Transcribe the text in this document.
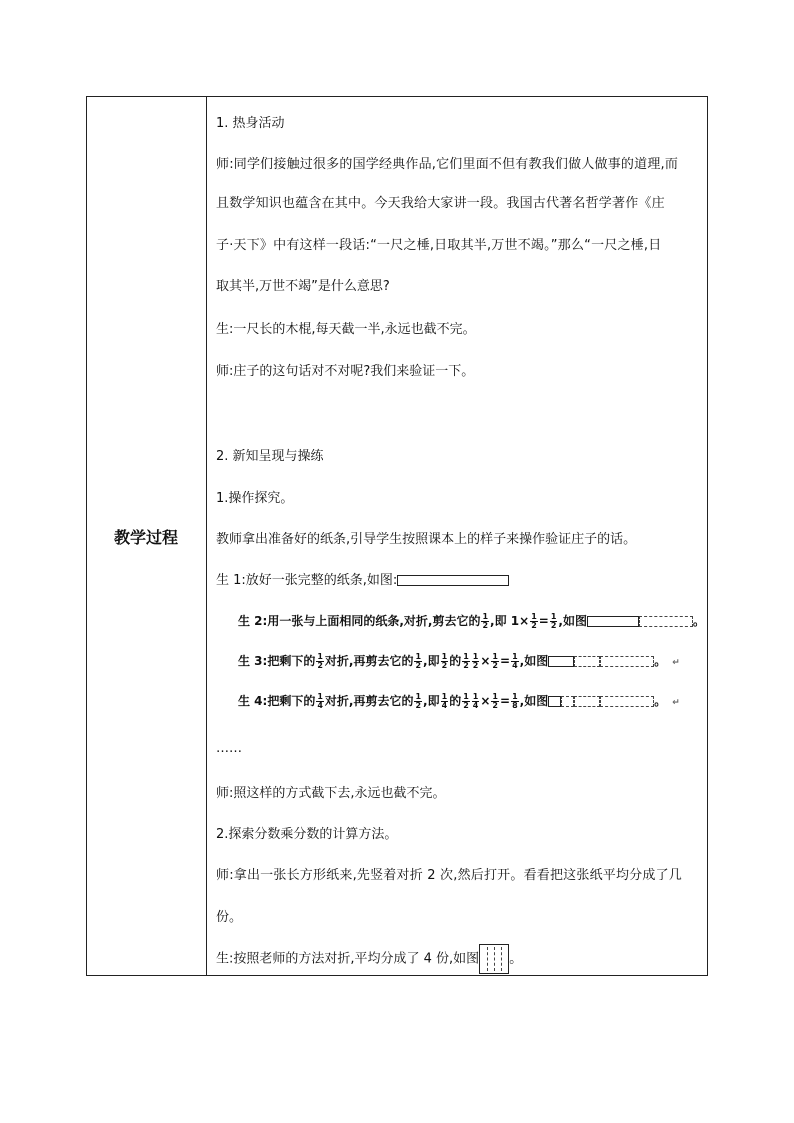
教学过程
1. 热身活动
师:同学们接触过很多的国学经典作品,它们里面不但有教我们做人做事的道理,而
且数学知识也蕴含在其中。今天我给大家讲一段。我国古代著名哲学著作《庄
子·天下》中有这样一段话:“一尺之棰,日取其半,万世不竭。”那么“一尺之棰,日
取其半,万世不竭”是什么意思?
生:一尺长的木棍,每天截一半,永远也截不完。
师:庄子的这句话对不对呢?我们来验证一下。
2. 新知呈现与操练
1.操作探究。
教师拿出准备好的纸条,引导学生按照课本上的样子来操作验证庄子的话。
生 1:放好一张完整的纸条,如图:
生 2:用一张与上面相同的纸条,对折,剪去它的 $\frac{1}{2}$ ,即 $1\times \frac{1}{2} = \frac{1}{2}$ ,如图	。
生 3:把剩下的 $\frac{1}{2}$ 对折,再剪去它的 $\frac{1}{2}$ ,即 $\frac{1}{2}$ 的 $\frac{1}{2} \frac{1}{2} \times \frac{1}{2} = \frac{1}{4}$ ,如图	。 ↵
生 4:把剩下的 $\frac{1}{4}$ 对折,再剪去它的 $\frac{1}{2}$ ,即 $\frac{1}{4}$ 的 $\frac{1}{2} \frac{1}{4} \times \frac{1}{2} = \frac{1}{8}$ ,如图	。 ↵
……
师:照这样的方式截下去,永远也截不完。
2.探索分数乘分数的计算方法。
师:拿出一张长方形纸来,先竖着对折 2 次,然后打开。看看把这张纸平均分成了几
份。
生:按照老师的方法对折,平均分成了 4 份,如图 。
